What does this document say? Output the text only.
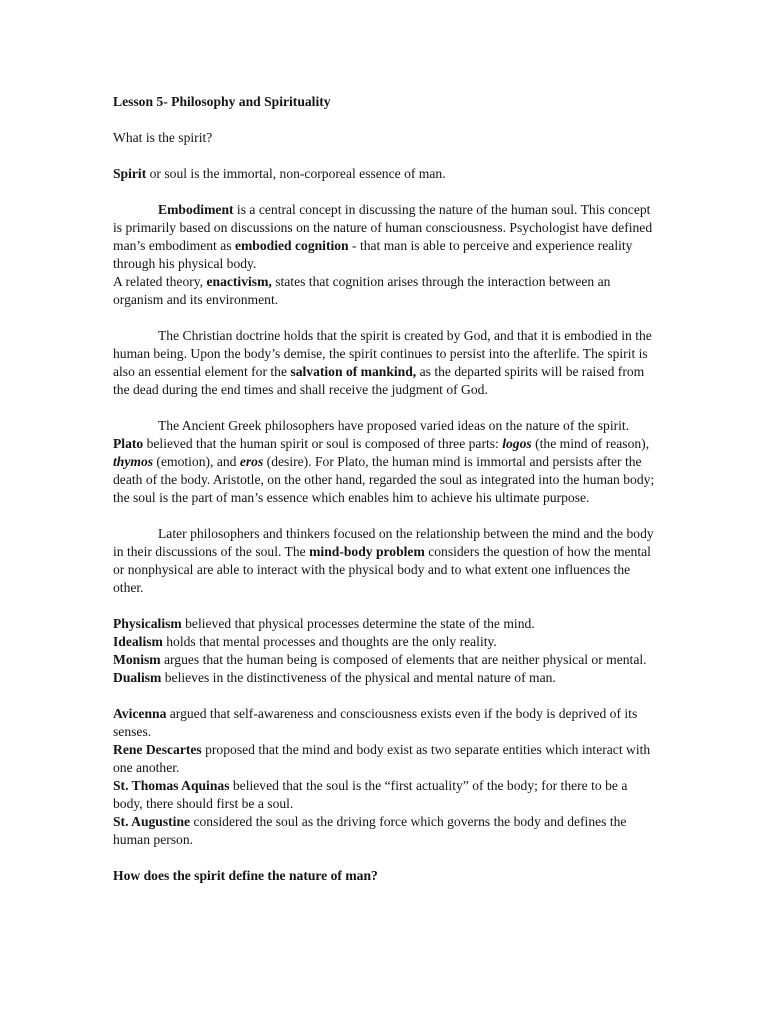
Lesson 5- Philosophy and Spirituality

What is the spirit?

Spirit or soul is the immortal, non-corporeal essence of man.

Embodiment is a central concept in discussing the nature of the human soul. This concept is primarily based on discussions on the nature of human consciousness. Psychologist have defined man’s embodiment as embodied cognition - that man is able to perceive and experience reality through his physical body.

A related theory, enactivism, states that cognition arises through the interaction between an organism and its environment.

The Christian doctrine holds that the spirit is created by God, and that it is embodied in the human being. Upon the body’s demise, the spirit continues to persist into the afterlife. The spirit is also an essential element for the salvation of mankind, as the departed spirits will be raised from the dead during the end times and shall receive the judgment of God.

The Ancient Greek philosophers have proposed varied ideas on the nature of the spirit. Plato believed that the human spirit or soul is composed of three parts: logos (the mind of reason), thymos (emotion), and eros (desire). For Plato, the human mind is immortal and persists after the death of the body. Aristotle, on the other hand, regarded the soul as integrated into the human body; the soul is the part of man’s essence which enables him to achieve his ultimate purpose.

Later philosophers and thinkers focused on the relationship between the mind and the body in their discussions of the soul. The mind-body problem considers the question of how the mental or nonphysical are able to interact with the physical body and to what extent one influences the other.

Physicalism believed that physical processes determine the state of the mind.

Idealism holds that mental processes and thoughts are the only reality.

Monism argues that the human being is composed of elements that are neither physical or mental.

Dualism believes in the distinctiveness of the physical and mental nature of man.

Avicenna argued that self-awareness and consciousness exists even if the body is deprived of its senses.

Rene Descartes proposed that the mind and body exist as two separate entities which interact with one another.

St. Thomas Aquinas believed that the soul is the “first actuality” of the body; for there to be a body, there should first be a soul.

St. Augustine considered the soul as the driving force which governs the body and defines the human person.

How does the spirit define the nature of man?
